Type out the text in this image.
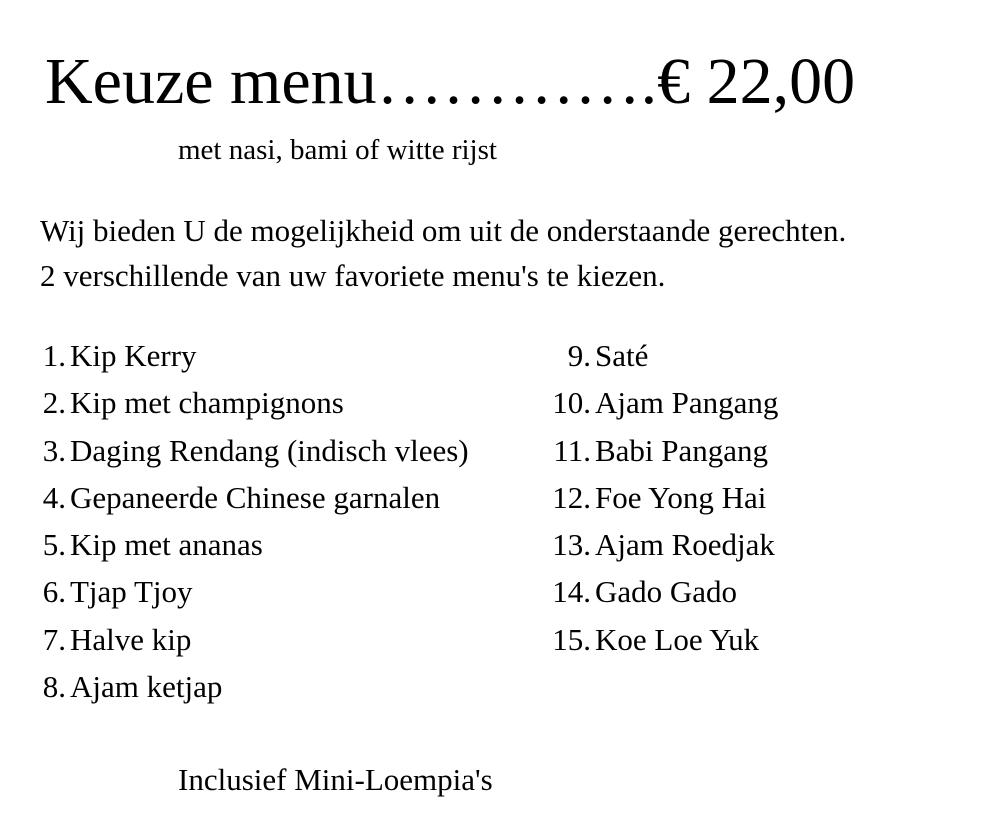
Keuze menu………….€ 22,00
met nasi, bami of witte rijst
Wij bieden U de mogelijkheid om uit de onderstaande gerechten.
2 verschillende van uw favoriete menu's te kiezen.
1. Kip Kerry
2. Kip met champignons
3. Daging Rendang (indisch vlees)
4. Gepaneerde Chinese garnalen
5. Kip met ananas
6. Tjap Tjoy
7. Halve kip
8. Ajam ketjap
9. Saté
10. Ajam Pangang
11. Babi Pangang
12. Foe Yong Hai
13. Ajam Roedjak
14. Gado Gado
15. Koe Loe Yuk
Inclusief Mini-Loempia's
